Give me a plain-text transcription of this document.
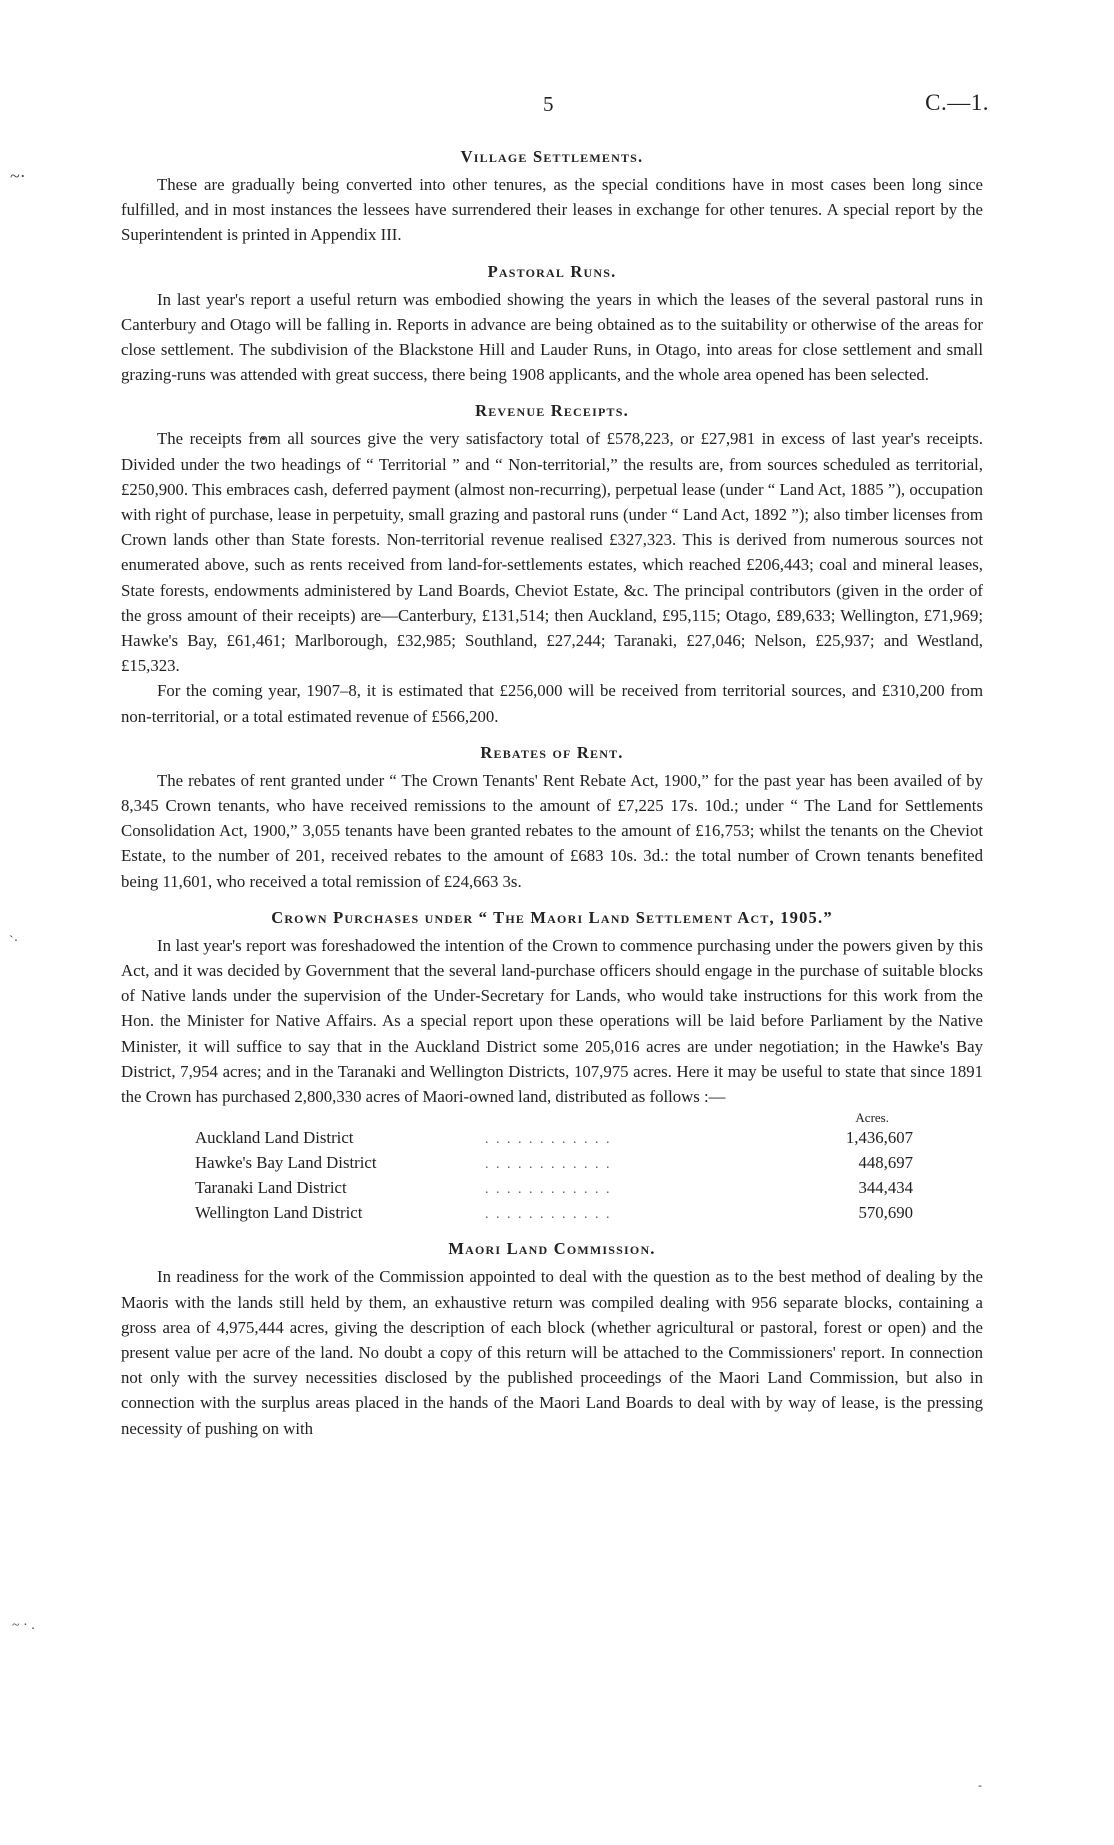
5	C.—1.
~·
`·
~ · .
-
Village Settlements.

These are gradually being converted into other tenures, as the special conditions have in most cases been long since fulfilled, and in most instances the lessees have surrendered their leases in exchange for other tenures. A special report by the Superintendent is printed in Appendix III.

Pastoral Runs.

In last year's report a useful return was embodied showing the years in which the leases of the several pastoral runs in Canterbury and Otago will be falling in. Reports in advance are being obtained as to the suitability or otherwise of the areas for close settlement. The subdivision of the Blackstone Hill and Lauder Runs, in Otago, into areas for close settlement and small grazing-runs was attended with great success, there being 1908 applicants, and the whole area opened has been selected.

Revenue Receipts.

The receipts from all sources give the very satisfactory total of £578,223, or £27,981 in excess of last year's receipts. Divided under the two headings of “ Territorial ” and “ Non-territorial,” the results are, from sources scheduled as territorial, £250,900. This embraces cash, deferred payment (almost non-recurring), perpetual lease (under “ Land Act, 1885 ”), occupation with right of purchase, lease in perpetuity, small grazing and pastoral runs (under “ Land Act, 1892 ”); also timber licenses from Crown lands other than State forests. Non-territorial revenue realised £327,323. This is derived from numerous sources not enumerated above, such as rents received from land-for-settlements estates, which reached £206,443; coal and mineral leases, State forests, endowments administered by Land Boards, Cheviot Estate, &c. The principal contributors (given in the order of the gross amount of their receipts) are—Canterbury, £131,514; then Auckland, £95,115; Otago, £89,633; Wellington, £71,969; Hawke's Bay, £61,461; Marlborough, £32,985; Southland, £27,244; Taranaki, £27,046; Nelson, £25,937; and Westland, £15,323.

For the coming year, 1907–8, it is estimated that £256,000 will be received from territorial sources, and £310,200 from non-territorial, or a total estimated revenue of £566,200.

Rebates of Rent.

The rebates of rent granted under “ The Crown Tenants' Rent Rebate Act, 1900,” for the past year has been availed of by 8,345 Crown tenants, who have received remissions to the amount of £7,225 17s. 10d.; under “ The Land for Settlements Consolidation Act, 1900,” 3,055 tenants have been granted rebates to the amount of £16,753; whilst the tenants on the Cheviot Estate, to the number of 201, received rebates to the amount of £683 10s. 3d.: the total number of Crown tenants benefited being 11,601, who received a total remission of £24,663 3s.

Crown Purchases under “ The Maori Land Settlement Act, 1905.”

In last year's report was foreshadowed the intention of the Crown to commence purchasing under the powers given by this Act, and it was decided by Government that the several land-purchase officers should engage in the purchase of suitable blocks of Native lands under the supervision of the Under-Secretary for Lands, who would take instructions for this work from the Hon. the Minister for Native Affairs. As a special report upon these operations will be laid before Parliament by the Native Minister, it will suffice to say that in the Auckland District some 205,016 acres are under negotiation; in the Hawke's Bay District, 7,954 acres; and in the Taranaki and Wellington Districts, 107,975 acres. Here it may be useful to state that since 1891 the Crown has purchased 2,800,330 acres of Maori-owned land, distributed as follows :—

Acres.
Auckland Land District	. . . . . . . . . . . .	1,436,607
Hawke's Bay Land District	. . . . . . . . . . . .	448,697
Taranaki Land District	. . . . . . . . . . . .	344,434
Wellington Land District	. . . . . . . . . . . .	570,690
Maori Land Commission.

In readiness for the work of the Commission appointed to deal with the question as to the best method of dealing by the Maoris with the lands still held by them, an exhaustive return was compiled dealing with 956 separate blocks, containing a gross area of 4,975,444 acres, giving the description of each block (whether agricultural or pastoral, forest or open) and the present value per acre of the land. No doubt a copy of this return will be attached to the Commissioners' report. In connection not only with the survey necessities disclosed by the published proceedings of the Maori Land Commission, but also in connection with the surplus areas placed in the hands of the Maori Land Boards to deal with by way of lease, is the pressing necessity of pushing on with
